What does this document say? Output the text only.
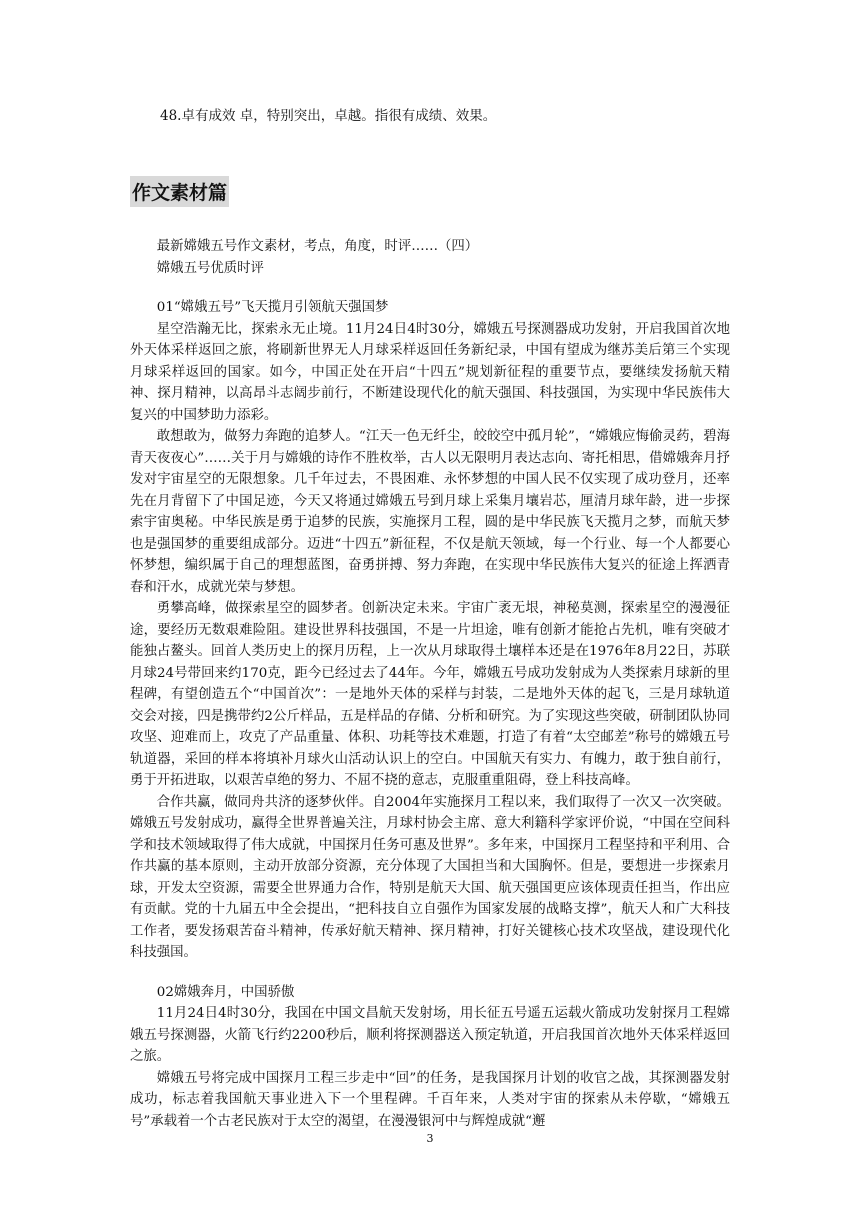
48.卓有成效 卓，特别突出，卓越。指很有成绩、效果。
作文素材篇

最新嫦娥五号作文素材，考点，角度，时评……（四）

嫦娥五号优质时评

01“嫦娥五号”飞天揽月引领航天强国梦

星空浩瀚无比，探索永无止境。11月24日4时30分，嫦娥五号探测器成功发射，开启我国首次地外天体采样返回之旅，将刷新世界无人月球采样返回任务新纪录，中国有望成为继苏美后第三个实现月球采样返回的国家。如今，中国正处在开启“十四五”规划新征程的重要节点，要继续发扬航天精神、探月精神，以高昂斗志阔步前行，不断建设现代化的航天强国、科技强国，为实现中华民族伟大复兴的中国梦助力添彩。

敢想敢为，做努力奔跑的追梦人。“江天一色无纤尘，皎皎空中孤月轮”，“嫦娥应悔偷灵药，碧海青天夜夜心”……关于月与嫦娥的诗作不胜枚举，古人以无限明月表达志向、寄托相思，借嫦娥奔月抒发对宇宙星空的无限想象。几千年过去，不畏困难、永怀梦想的中国人民不仅实现了成功登月，还率先在月背留下了中国足迹，今天又将通过嫦娥五号到月球上采集月壤岩芯，厘清月球年龄，进一步探索宇宙奥秘。中华民族是勇于追梦的民族，实施探月工程，圆的是中华民族飞天揽月之梦，而航天梦也是强国梦的重要组成部分。迈进“十四五”新征程，不仅是航天领域，每一个行业、每一个人都要心怀梦想，编织属于自己的理想蓝图，奋勇拼搏、努力奔跑，在实现中华民族伟大复兴的征途上挥洒青春和汗水，成就光荣与梦想。

勇攀高峰，做探索星空的圆梦者。创新决定未来。宇宙广袤无垠，神秘莫测，探索星空的漫漫征途，要经历无数艰难险阻。建设世界科技强国，不是一片坦途，唯有创新才能抢占先机，唯有突破才能独占鳌头。回首人类历史上的探月历程，上一次从月球取得土壤样本还是在1976年8月22日，苏联月球24号带回来约170克，距今已经过去了44年。今年，嫦娥五号成功发射成为人类探索月球新的里程碑，有望创造五个“中国首次”：一是地外天体的采样与封装，二是地外天体的起飞，三是月球轨道交会对接，四是携带约2公斤样品，五是样品的存储、分析和研究。为了实现这些突破，研制团队协同攻坚、迎难而上，攻克了产品重量、体积、功耗等技术难题，打造了有着“太空邮差”称号的嫦娥五号轨道器，采回的样本将填补月球火山活动认识上的空白。中国航天有实力、有魄力，敢于独自前行，勇于开拓进取，以艰苦卓绝的努力、不屈不挠的意志，克服重重阻碍，登上科技高峰。

合作共赢，做同舟共济的逐梦伙伴。自2004年实施探月工程以来，我们取得了一次又一次突破。嫦娥五号发射成功，赢得全世界普遍关注，月球村协会主席、意大利籍科学家评价说，“中国在空间科学和技术领域取得了伟大成就，中国探月任务可惠及世界”。多年来，中国探月工程坚持和平利用、合作共赢的基本原则，主动开放部分资源，充分体现了大国担当和大国胸怀。但是，要想进一步探索月球，开发太空资源，需要全世界通力合作，特别是航天大国、航天强国更应该体现责任担当，作出应有贡献。党的十九届五中全会提出，“把科技自立自强作为国家发展的战略支撑”，航天人和广大科技工作者，要发扬艰苦奋斗精神，传承好航天精神、探月精神，打好关键核心技术攻坚战，建设现代化科技强国。

02嫦娥奔月，中国骄傲

11月24日4时30分，我国在中国文昌航天发射场，用长征五号遥五运载火箭成功发射探月工程嫦娥五号探测器，火箭飞行约2200秒后，顺利将探测器送入预定轨道，开启我国首次地外天体采样返回之旅。

嫦娥五号将完成中国探月工程三步走中“回”的任务，是我国探月计划的收官之战，其探测器发射成功，标志着我国航天事业进入下一个里程碑。千百年来，人类对宇宙的探索从未停歇，“嫦娥五号”承载着一个古老民族对于太空的渴望，在漫漫银河中与辉煌成就“邂

3
